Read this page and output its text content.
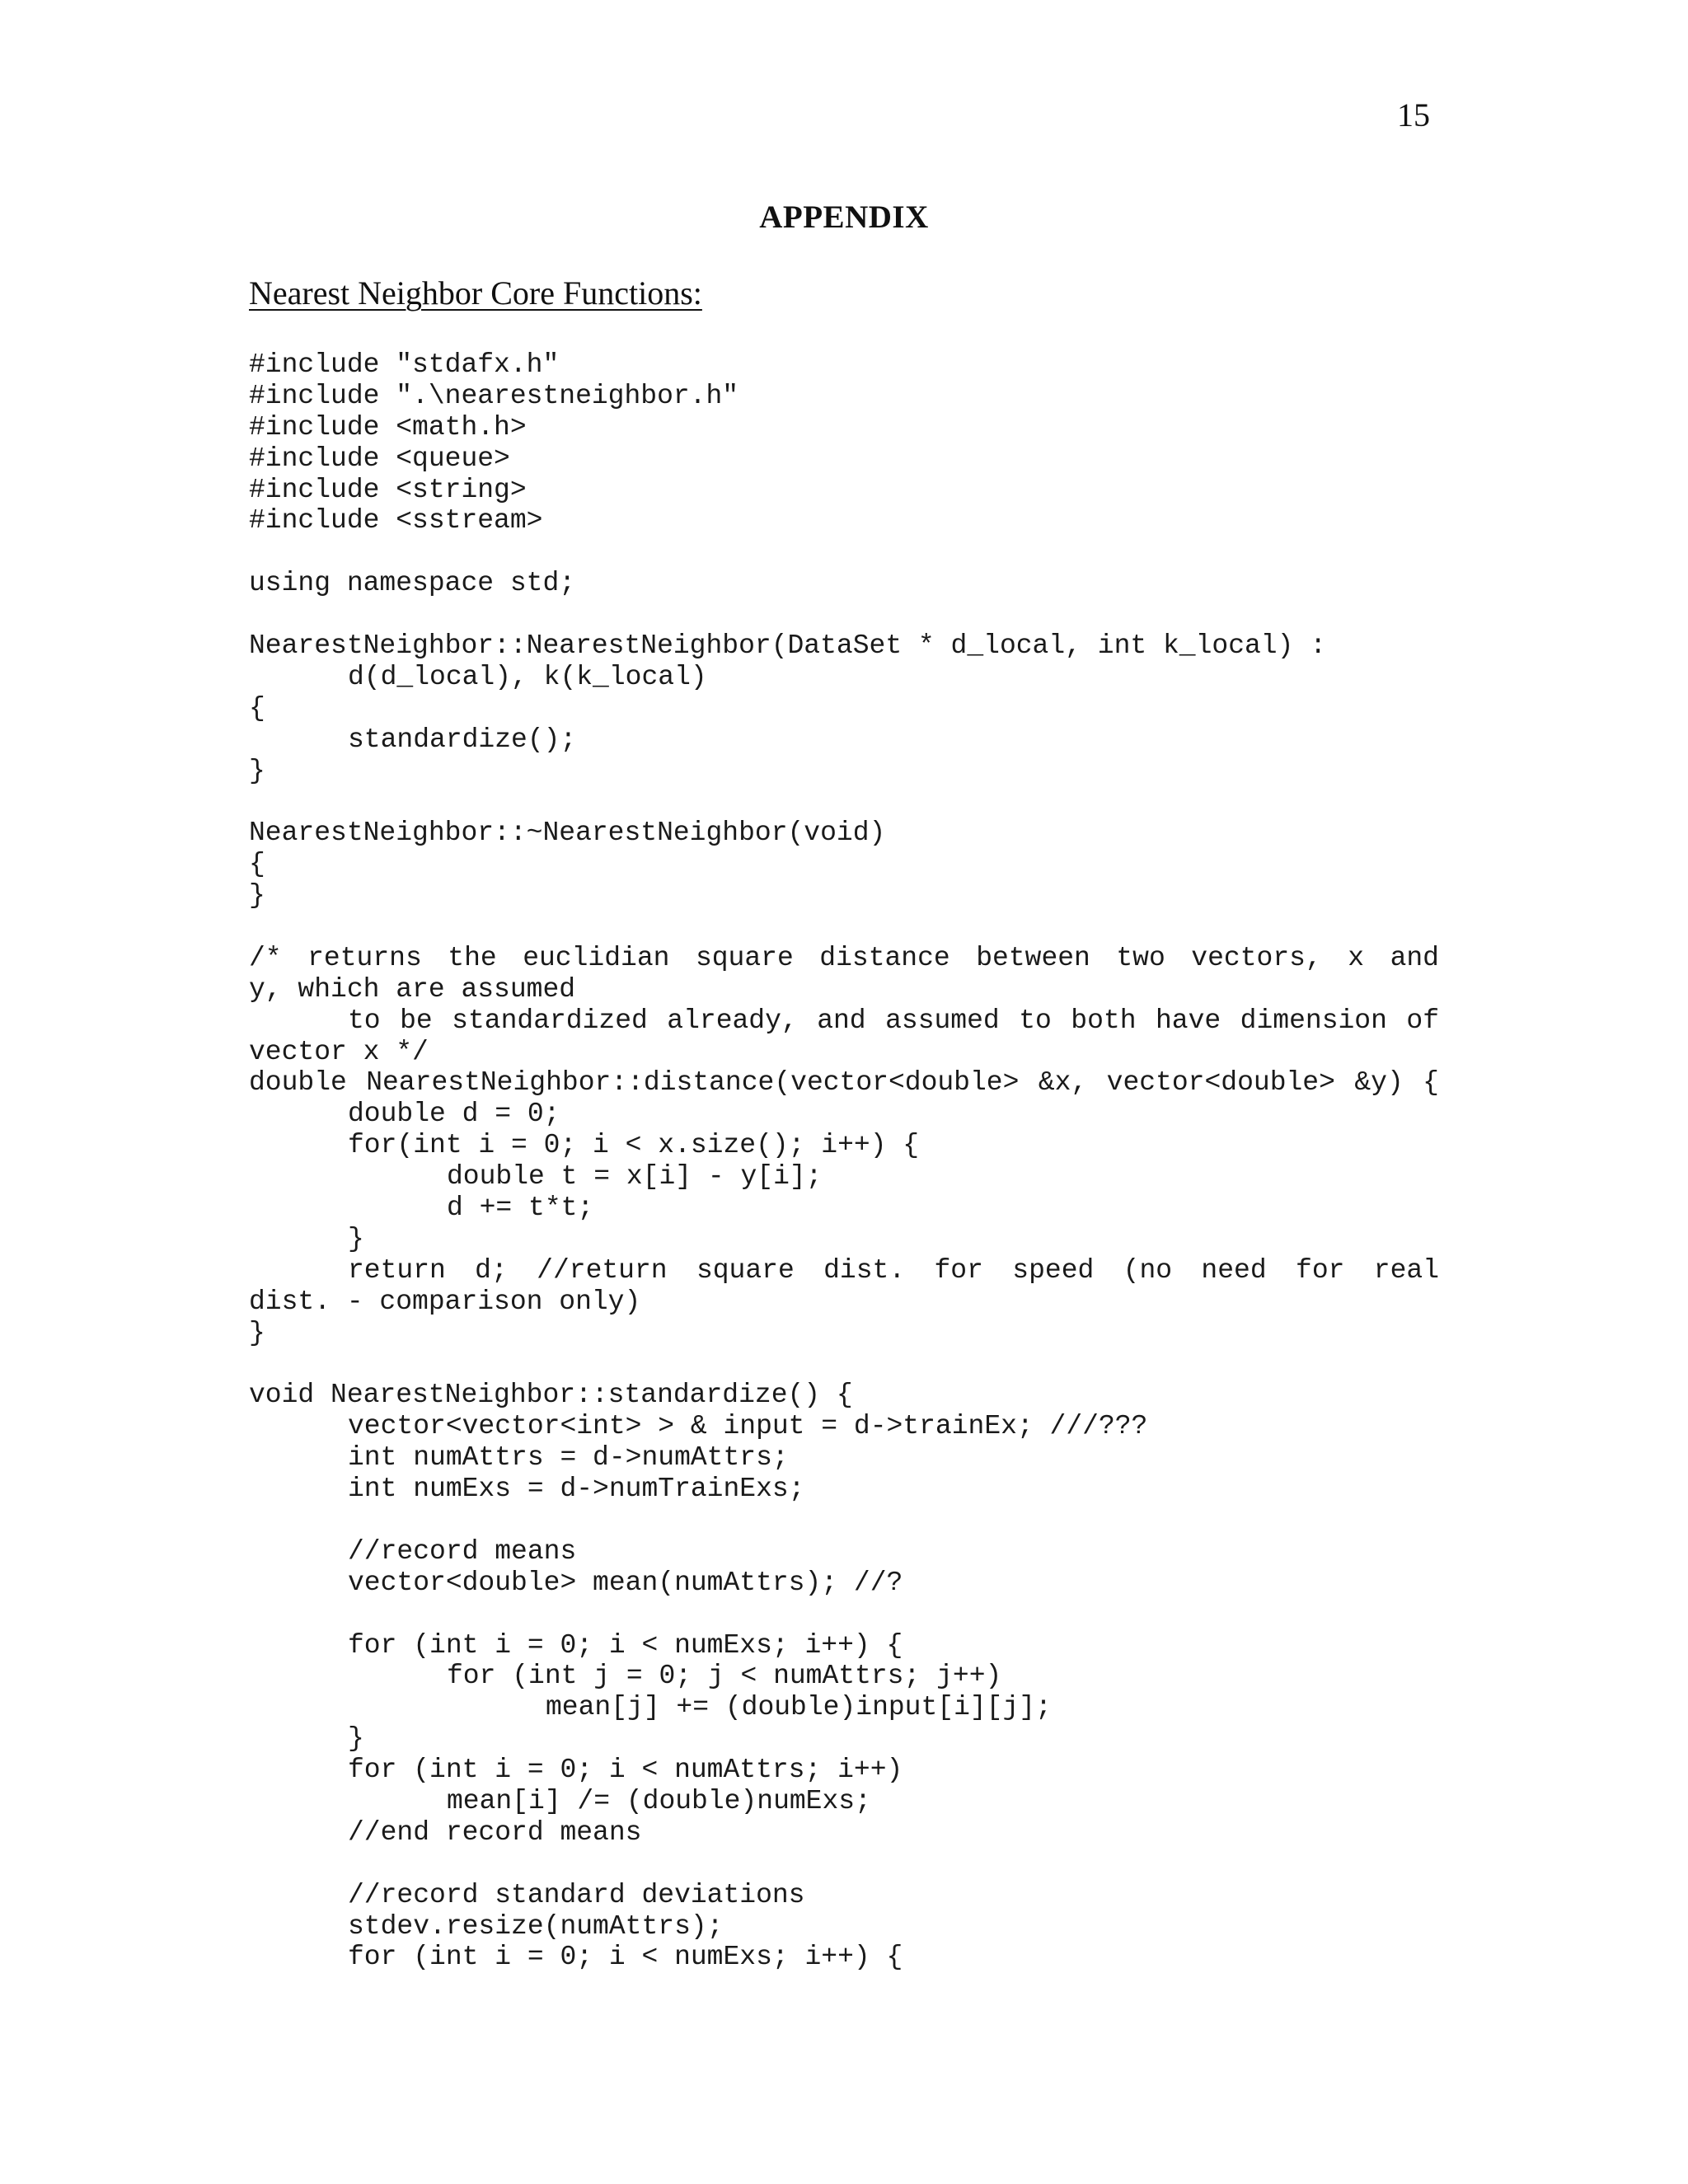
15
APPENDIX
Nearest Neighbor Core Functions:
#include "stdafx.h"
#include ".\nearestneighbor.h"
#include <math.h>
#include <queue>
#include <string>
#include <sstream>
using namespace std;
NearestNeighbor::NearestNeighbor(DataSet * d_local, int k_local) :
d(d_local), k(k_local)
{
standardize();
}
NearestNeighbor::~NearestNeighbor(void)
{
}
/* returns the euclidian square distance between two vectors, x and
y, which are assumed
to be standardized already, and assumed to both have dimension of
vector x */
double NearestNeighbor::distance(vector<double> &x, vector<double> &y) {
double d = 0;
for(int i = 0; i < x.size(); i++) {
double t = x[i] - y[i];
d += t*t;
}
return d; //return square dist. for speed (no need for real
dist. - comparison only)
}
void NearestNeighbor::standardize() {
vector<vector<int> > & input = d->trainEx; ///???
int numAttrs = d->numAttrs;
int numExs = d->numTrainExs;
//record means
vector<double> mean(numAttrs); //?
for (int i = 0; i < numExs; i++) {
for (int j = 0; j < numAttrs; j++)
mean[j] += (double)input[i][j];
}
for (int i = 0; i < numAttrs; i++)
mean[i] /= (double)numExs;
//end record means
//record standard deviations
stdev.resize(numAttrs);
for (int i = 0; i < numExs; i++) {
